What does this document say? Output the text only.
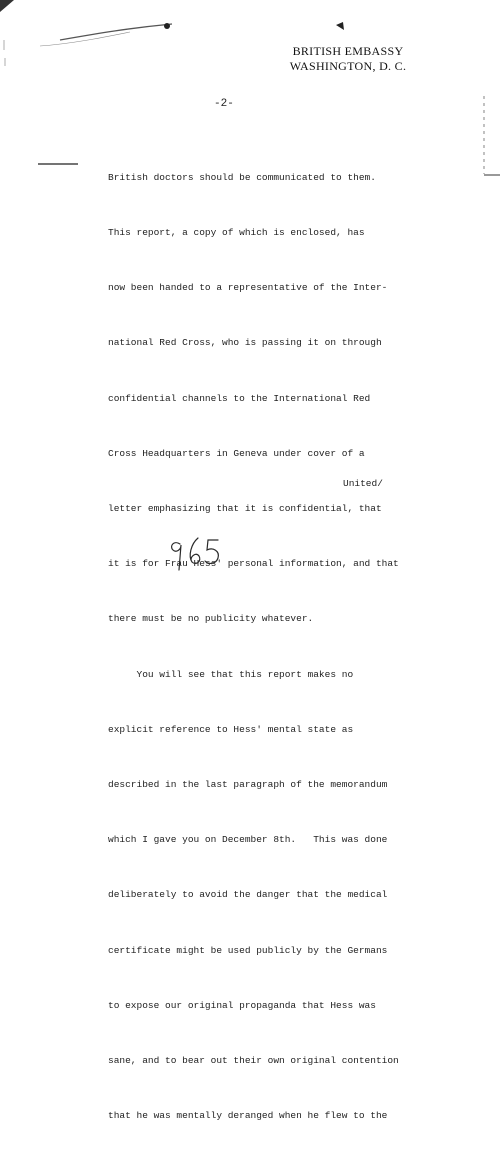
BRITISH EMBASSY
WASHINGTON, D. C.
-2-

British doctors should be communicated to them.

This report, a copy of which is enclosed, has

now been handed to a representative of the Inter-

national Red Cross, who is passing it on through

confidential channels to the International Red

Cross Headquarters in Geneva under cover of a

letter emphasizing that it is confidential, that

it is for Frau Hess' personal information, and that

there must be no publicity whatever.

You will see that this report makes no

explicit reference to Hess' mental state as

described in the last paragraph of the memorandum

which I gave you on December 8th.   This was done

deliberately to avoid the danger that the medical

certificate might be used publicly by the Germans

to expose our original propaganda that Hess was

sane, and to bear out their own original contention

that he was mentally deranged when he flew to the

United/
